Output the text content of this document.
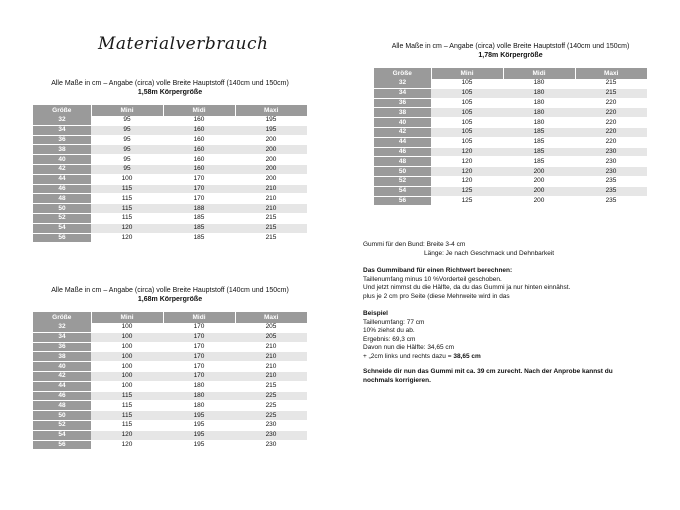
Materialverbrauch
Alle Maße in cm – Angabe (circa) volle Breite Hauptstoff (140cm und 150cm)
1,58m Körpergröße
Größe	Mini	Midi	Maxi
32	95	160	195
34	95	160	195
36	95	160	200
38	95	160	200
40	95	160	200
42	95	160	200
44	100	170	200
46	115	170	210
48	115	170	210
50	115	188	210
52	115	185	215
54	120	185	215
56	120	185	215
Alle Maße in cm – Angabe (circa) volle Breite Hauptstoff (140cm und 150cm)
1,68m Körpergröße
Größe	Mini	Midi	Maxi
32	100	170	205
34	100	170	205
36	100	170	210
38	100	170	210
40	100	170	210
42	100	170	210
44	100	180	215
46	115	180	225
48	115	180	225
50	115	195	225
52	115	195	230
54	120	195	230
56	120	195	230
Alle Maße in cm – Angabe (circa) volle Breite Hauptstoff (140cm und 150cm)
1,78m Körpergröße
Größe	Mini	Midi	Maxi
32	105	180	215
34	105	180	215
36	105	180	220
38	105	180	220
40	105	180	220
42	105	185	220
44	105	185	220
46	120	185	230
48	120	185	230
50	120	200	230
52	120	200	235
54	125	200	235
56	125	200	235

Gummi für den Bund: Breite 3-4 cm

Länge: Je nach Geschmack und Dehnbarkeit

Das Gummiband für einen Richtwert berechnen:

Taillenumfang minus 10 %Vorderteil geschoben.

Und jetzt nimmst du die Hälfte, da du das Gummi ja nur hinten einnähst.

plus je 2 cm pro Seite (diese Mehrweite wird in das

Beispiel

Taillenumfang: 77 cm

10% ziehst du ab.

Ergebnis: 69,3 cm

Davon nun die Hälfte: 34,65 cm

+ „2cm links und rechts dazu = 38,65 cm

Schneide dir nun das Gummi mit ca. 39 cm zurecht. Nach der Anprobe kannst du

nochmals korrigieren.
